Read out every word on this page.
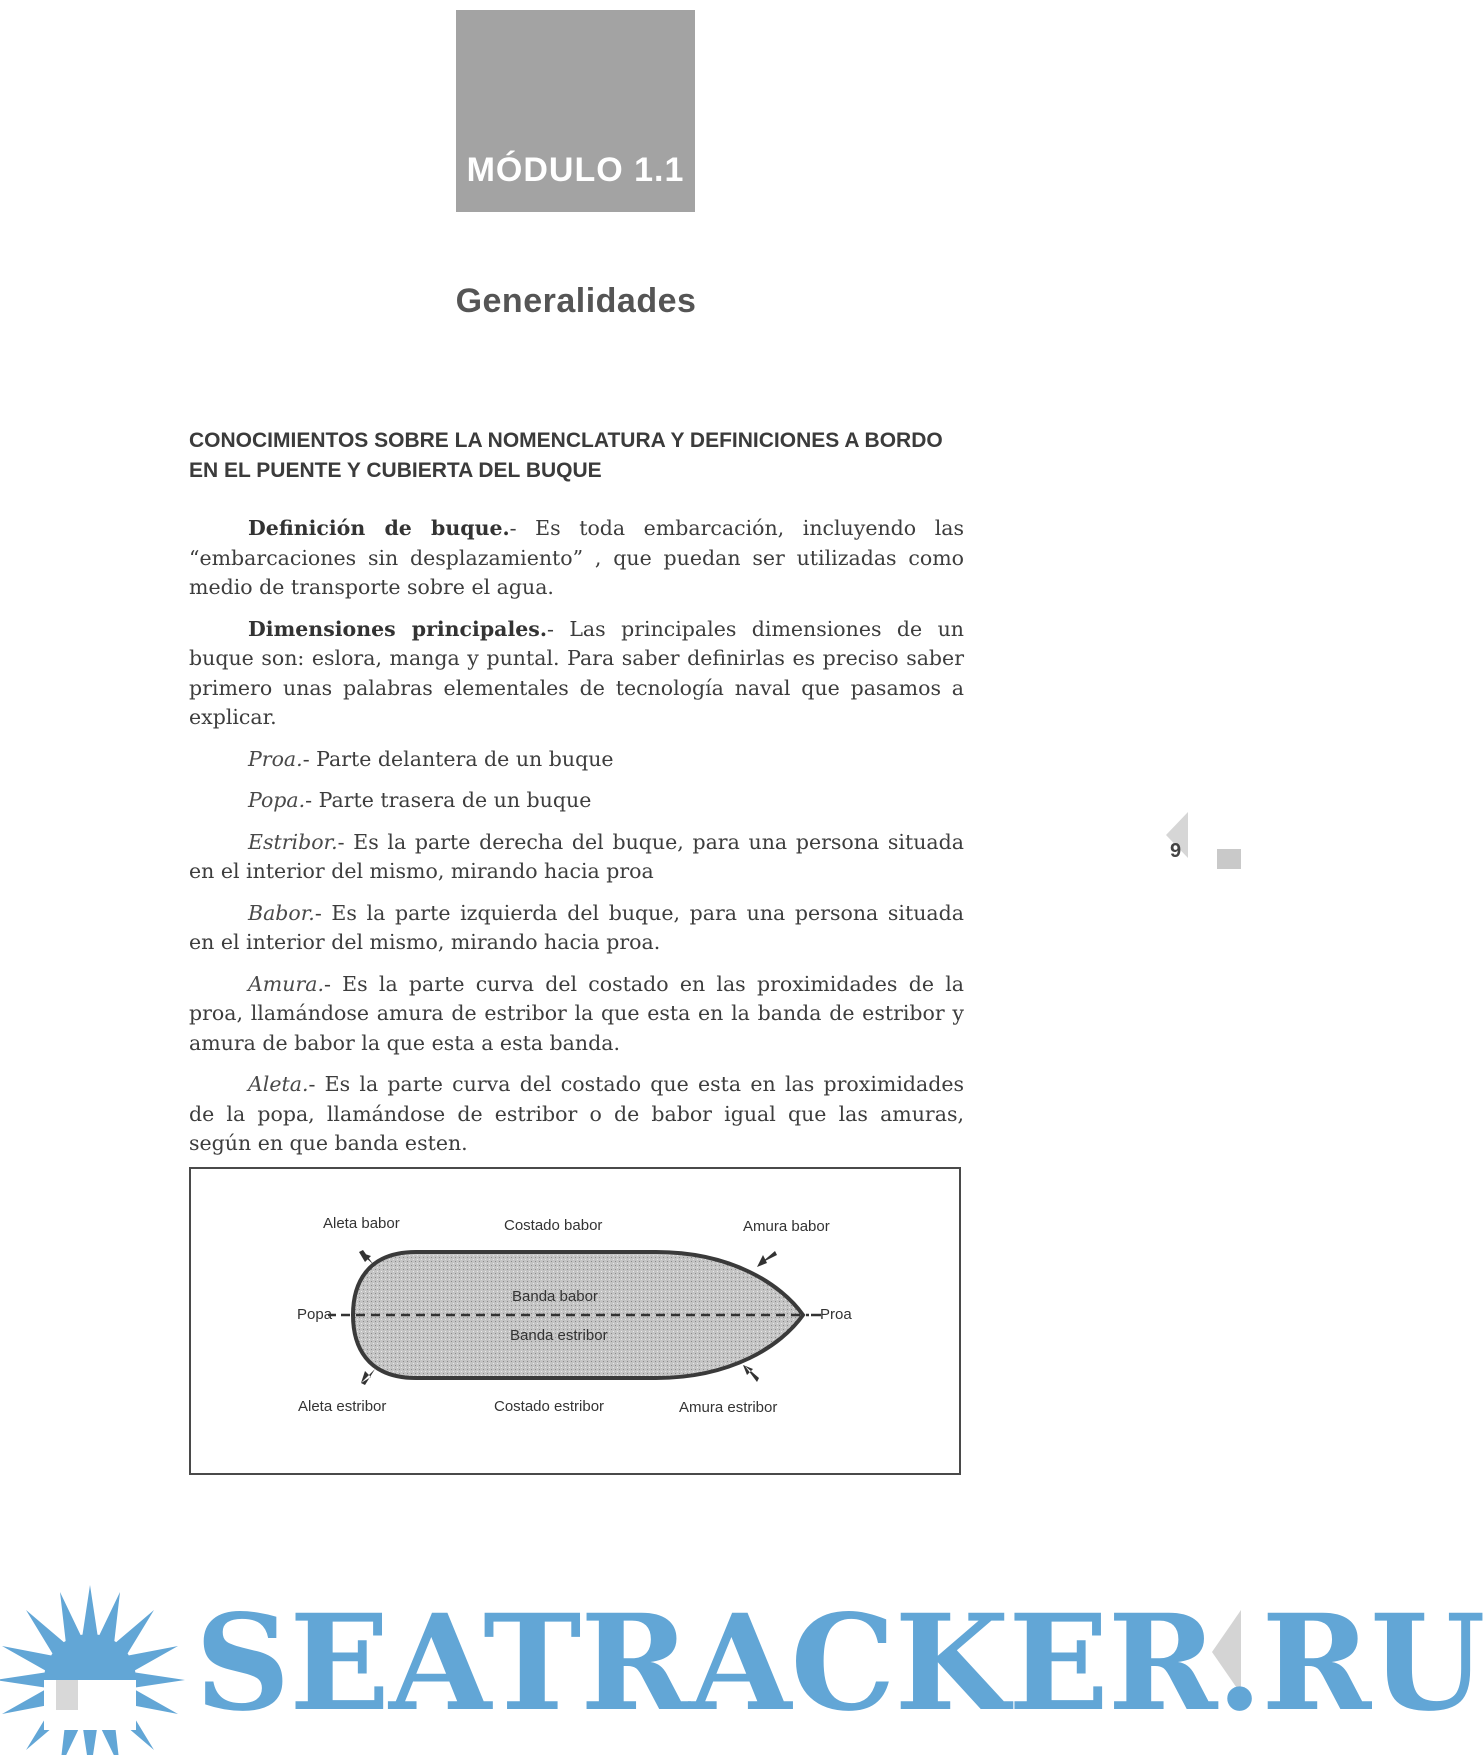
MÓDULO 1.1
Generalidades
CONOCIMIENTOS SOBRE LA NOMENCLATURA Y DEFINICIONES A BORDO EN EL PUENTE Y CUBIERTA DEL BUQUE

Definición de buque.- Es toda embarcación, incluyendo las “embarcaciones sin desplazamiento” , que puedan ser utilizadas como medio de transporte sobre el agua.

Dimensiones principales.- Las principales dimensiones de un buque son: eslora, manga y puntal. Para saber definirlas es preciso saber primero unas palabras elementales de tecnología naval que pasamos a explicar.

Proa.- Parte delantera de un buque

Popa.- Parte trasera de un buque

Estribor.- Es la parte derecha del buque, para una persona situada en el interior del mismo, mirando hacia proa

Babor.- Es la parte izquierda del buque, para una persona situada en el interior del mismo, mirando hacia proa.

Amura.- Es la parte curva del costado en las proximidades de la proa, llamándose amura de estribor la que esta en la banda de estribor y amura de babor la que esta a esta banda.

Aleta.- Es la parte curva del costado que esta en las proximidades de la popa, llamándose de estribor o de babor igual que las amuras, según en que banda esten.

9
Aleta babor	Costado babor	Amura babor
Popa	Proa
Banda babor
Banda estribor
Aleta estribor	Costado estribor	Amura estribor
SEATRACKER.RU
